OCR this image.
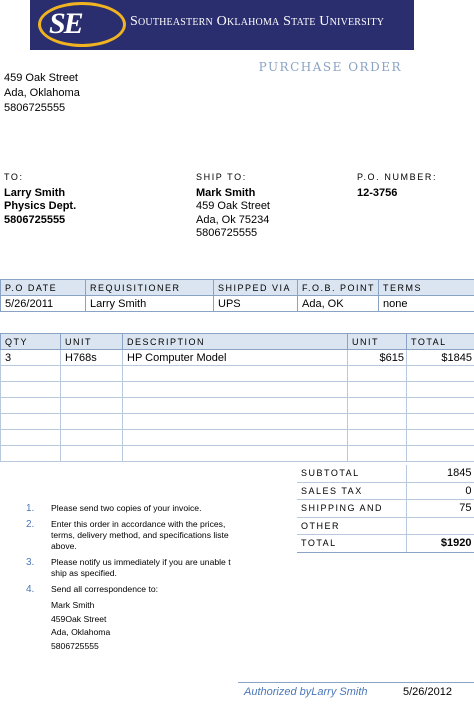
SE	Southeastern Oklahoma State University
PURCHASE ORDER
459 Oak Street
Ada, Oklahoma
5806725555
TO:
Larry Smith
Physics Dept.
5806725555
SHIP TO:
Mark Smith
459 Oak Street
Ada, Ok 75234
5806725555
P.O. NUMBER:
12-3756
P.O DATE	REQUISITIONER	SHIPPED VIA	F.O.B. POINT	TERMS
5/26/2011	Larry Smith	UPS	Ada, OK	none
QTY	UNIT	DESCRIPTION	UNIT	TOTAL
3	H768s	HP Computer Model	$615	$1845

SUBTOTAL	1845
SALES TAX	0
SHIPPING AND	75
OTHER	
TOTAL	$1920
1. Please send two copies of your invoice.
2. Enter this order in accordance with the prices, terms, delivery method, and specifications liste above.
3. Please notify us immediately if you are unable t ship as specified.
4. Send all correspondence to:
Mark Smith
459Oak Street
Ada, Oklahoma
5806725555
Authorized byLarry Smith	5/26/2012
